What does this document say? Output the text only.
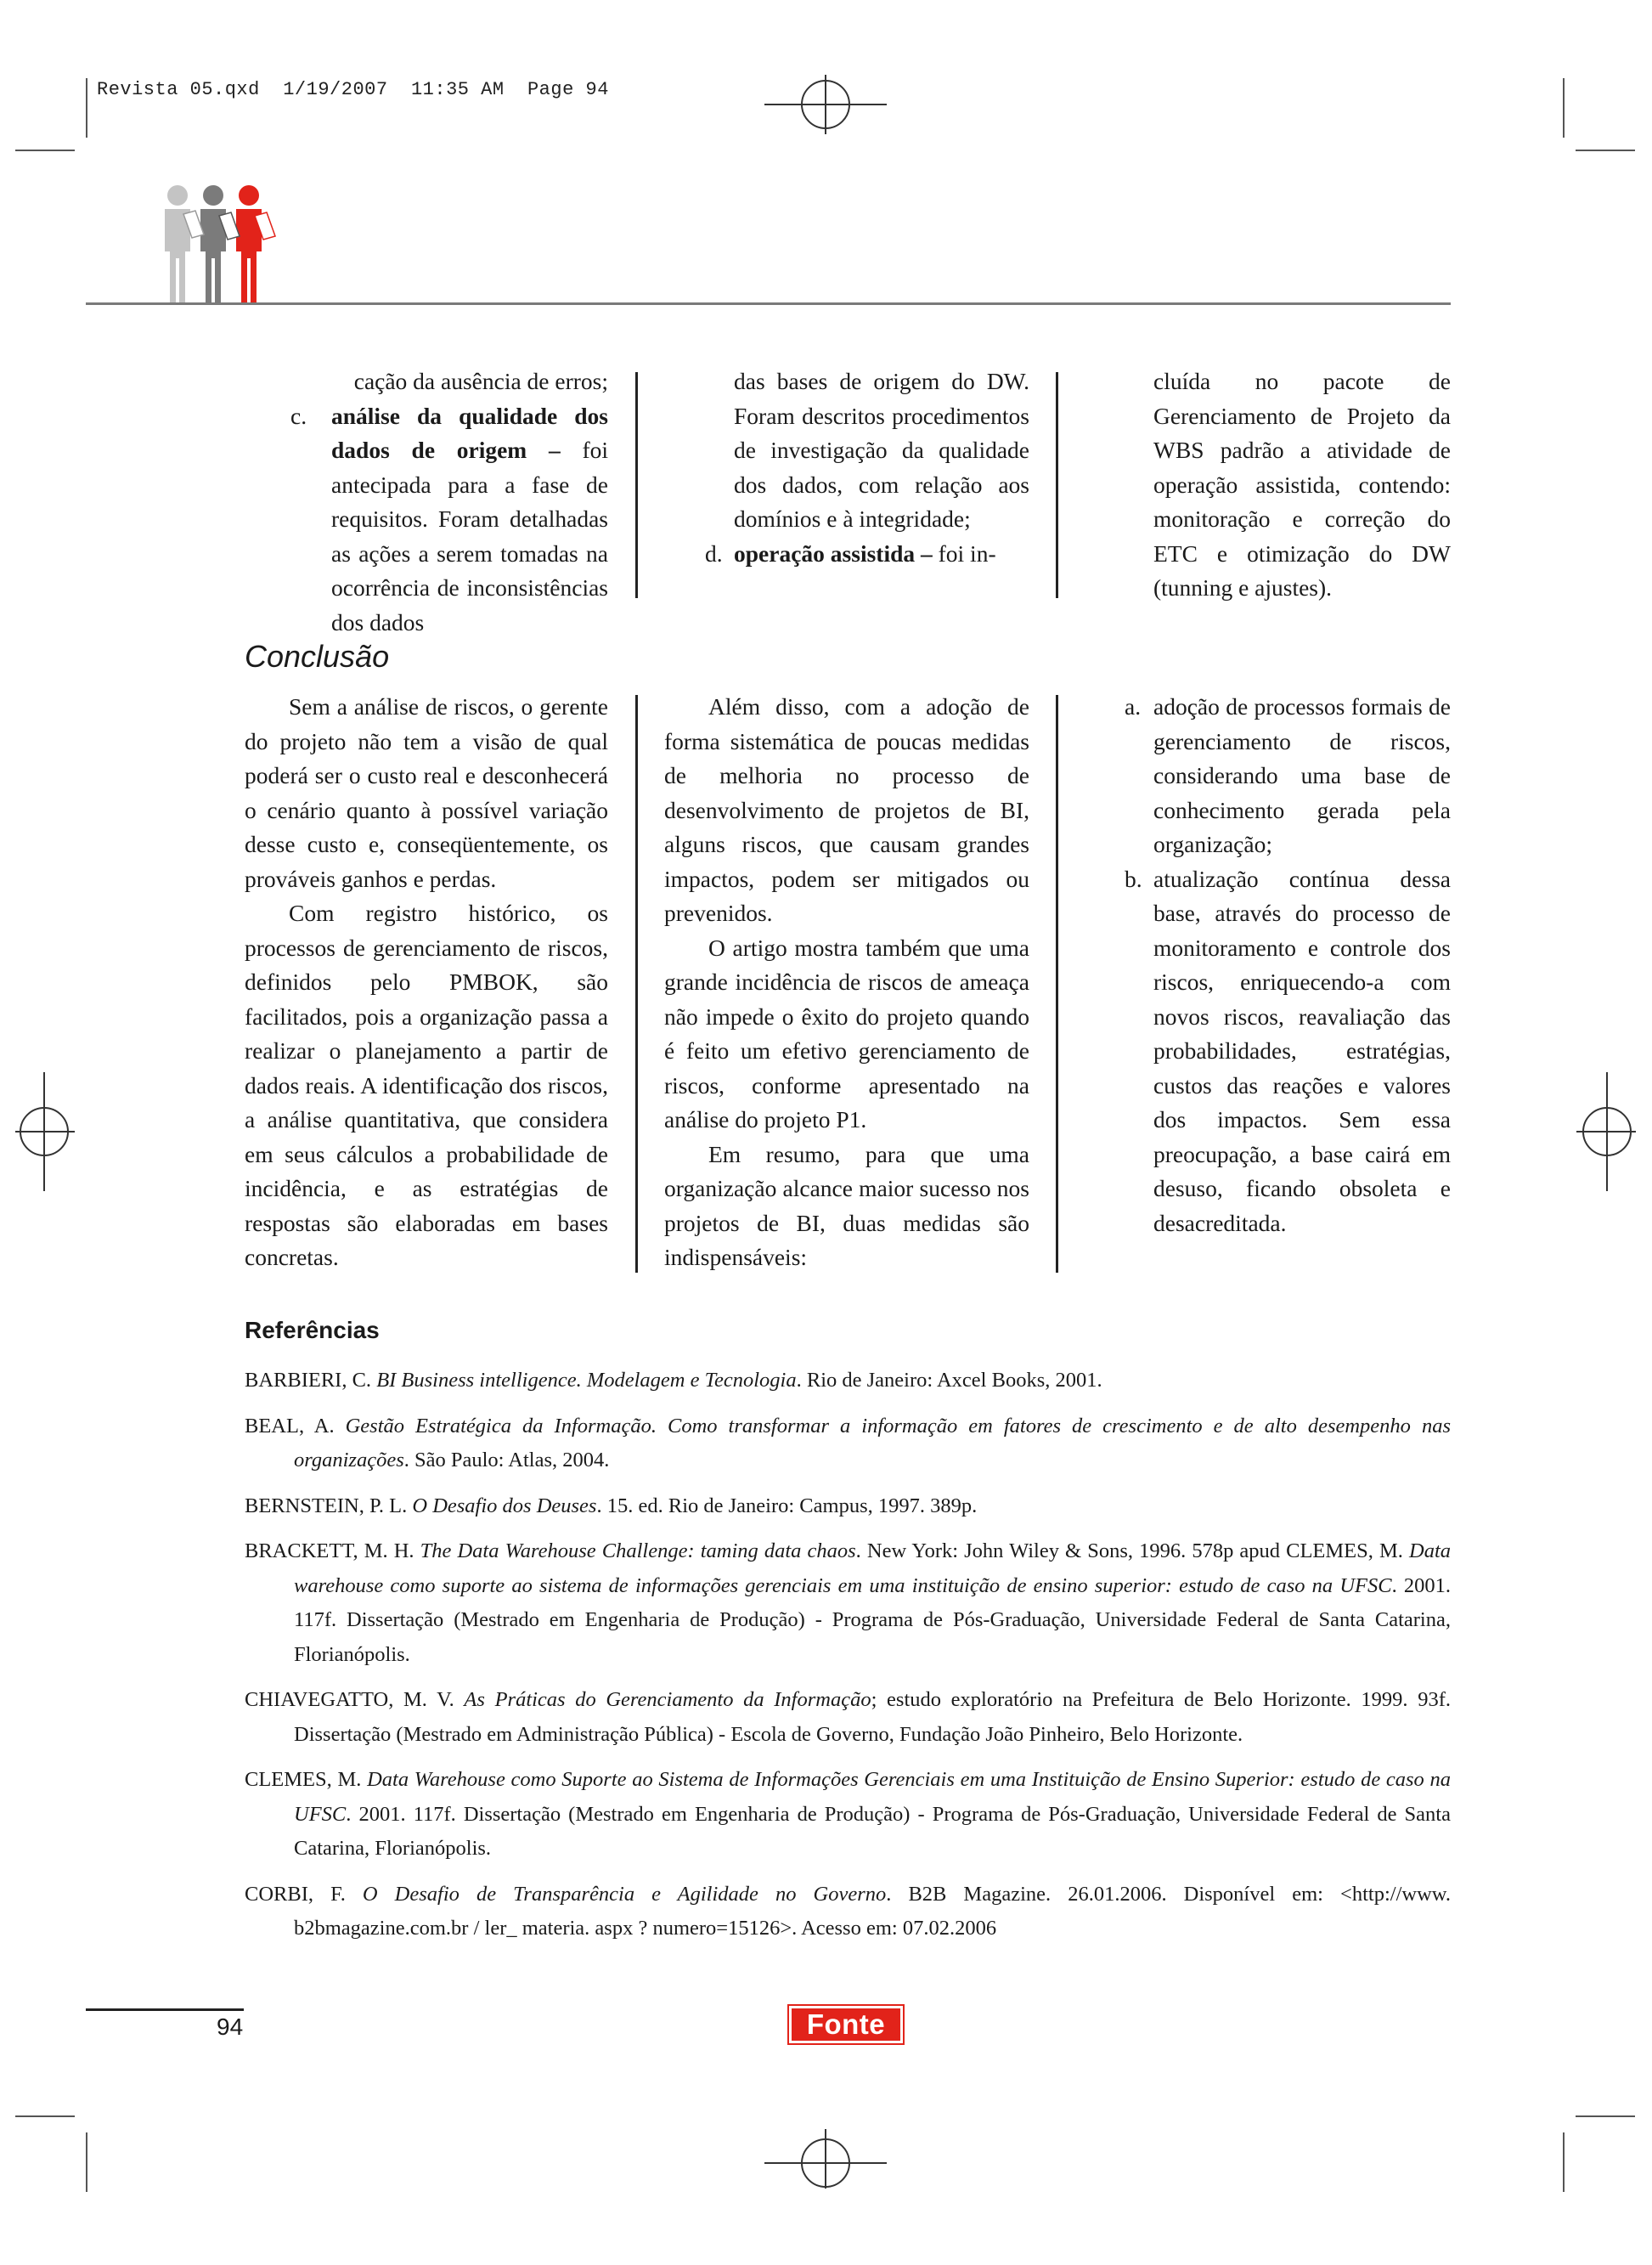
Revista 05.qxd  1/19/2007  11:35 AM  Page 94

cação da ausência de erros;

c. análise da qualidade dos dados de origem – foi antecipada para a fase de requisitos. Foram detalhadas as ações a serem tomadas na ocorrência de inconsistências dos dados

das bases de origem do DW. Foram descritos procedimentos de investigação da qualidade dos dados, com relação aos domínios e à integridade;

d. operação assistida – foi in-

cluída no pacote de Gerenciamento de Projeto da WBS padrão a atividade de operação assistida, contendo: monitoração e correção do ETC e otimização do DW (tunning e ajustes).

Conclusão

Sem a análise de riscos, o gerente do projeto não tem a visão de qual poderá ser o custo real e desconhecerá o cenário quanto à possível variação desse custo e, conseqüentemente, os prováveis ganhos e perdas.

Com registro histórico, os processos de gerenciamento de riscos, definidos pelo PMBOK, são facilitados, pois a organização passa a realizar o planejamento a partir de dados reais. A identificação dos riscos, a análise quantitativa, que considera em seus cálculos a probabilidade de incidência, e as estratégias de respostas são elaboradas em bases concretas.

Além disso, com a adoção de forma sistemática de poucas medidas de melhoria no processo de desenvolvimento de projetos de BI, alguns riscos, que causam grandes impactos, podem ser mitigados ou prevenidos.

O artigo mostra também que uma grande incidência de riscos de ameaça não impede o êxito do projeto quando é feito um efetivo gerenciamento de riscos, conforme apresentado na análise do projeto P1.

Em resumo, para que uma organização alcance maior sucesso nos projetos de BI, duas medidas são indispensáveis:

a. adoção de processos formais de gerenciamento de riscos, considerando uma base de conhecimento gerada pela organização;

b. atualização contínua dessa base, através do processo de monitoramento e controle dos riscos, enriquecendo-a com novos riscos, reavaliação das probabilidades, estratégias, custos das reações e valores dos impactos. Sem essa preocupação, a base cairá em desuso, ficando obsoleta e desacreditada.

Referências

BARBIERI, C. BI Business intelligence. Modelagem e Tecnologia. Rio de Janeiro: Axcel Books, 2001.

BEAL, A. Gestão Estratégica da Informação. Como transformar a informação em fatores de crescimento e de alto desempenho nas organizações. São Paulo: Atlas, 2004.

BERNSTEIN, P. L. O Desafio dos Deuses. 15. ed. Rio de Janeiro: Campus, 1997. 389p.

BRACKETT, M. H. The Data Warehouse Challenge: taming data chaos. New York: John Wiley & Sons, 1996. 578p apud CLEMES, M. Data warehouse como suporte ao sistema de informações gerenciais em uma instituição de ensino superior: estudo de caso na UFSC. 2001. 117f. Dissertação (Mestrado em Engenharia de Produção) - Programa de Pós-Graduação, Universidade Federal de Santa Catarina, Florianópolis.

CHIAVEGATTO, M. V. As Práticas do Gerenciamento da Informação; estudo exploratório na Prefeitura de Belo Horizonte. 1999. 93f. Dissertação (Mestrado em Administração Pública) - Escola de Governo, Fundação João Pinheiro, Belo Horizonte.

CLEMES, M. Data Warehouse como Suporte ao Sistema de Informações Gerenciais em uma Instituição de Ensino Superior: estudo de caso na UFSC. 2001. 117f. Dissertação (Mestrado em Engenharia de Produção) - Programa de Pós-Graduação, Universidade Federal de Santa Catarina, Florianópolis.

CORBI, F. O Desafio de Transparência e Agilidade no Governo. B2B Magazine. 26.01.2006. Disponível em: <http://www. b2bmagazine.com.br / ler_ materia. aspx ? numero=15126>. Acesso em: 07.02.2006

94	Fonte
